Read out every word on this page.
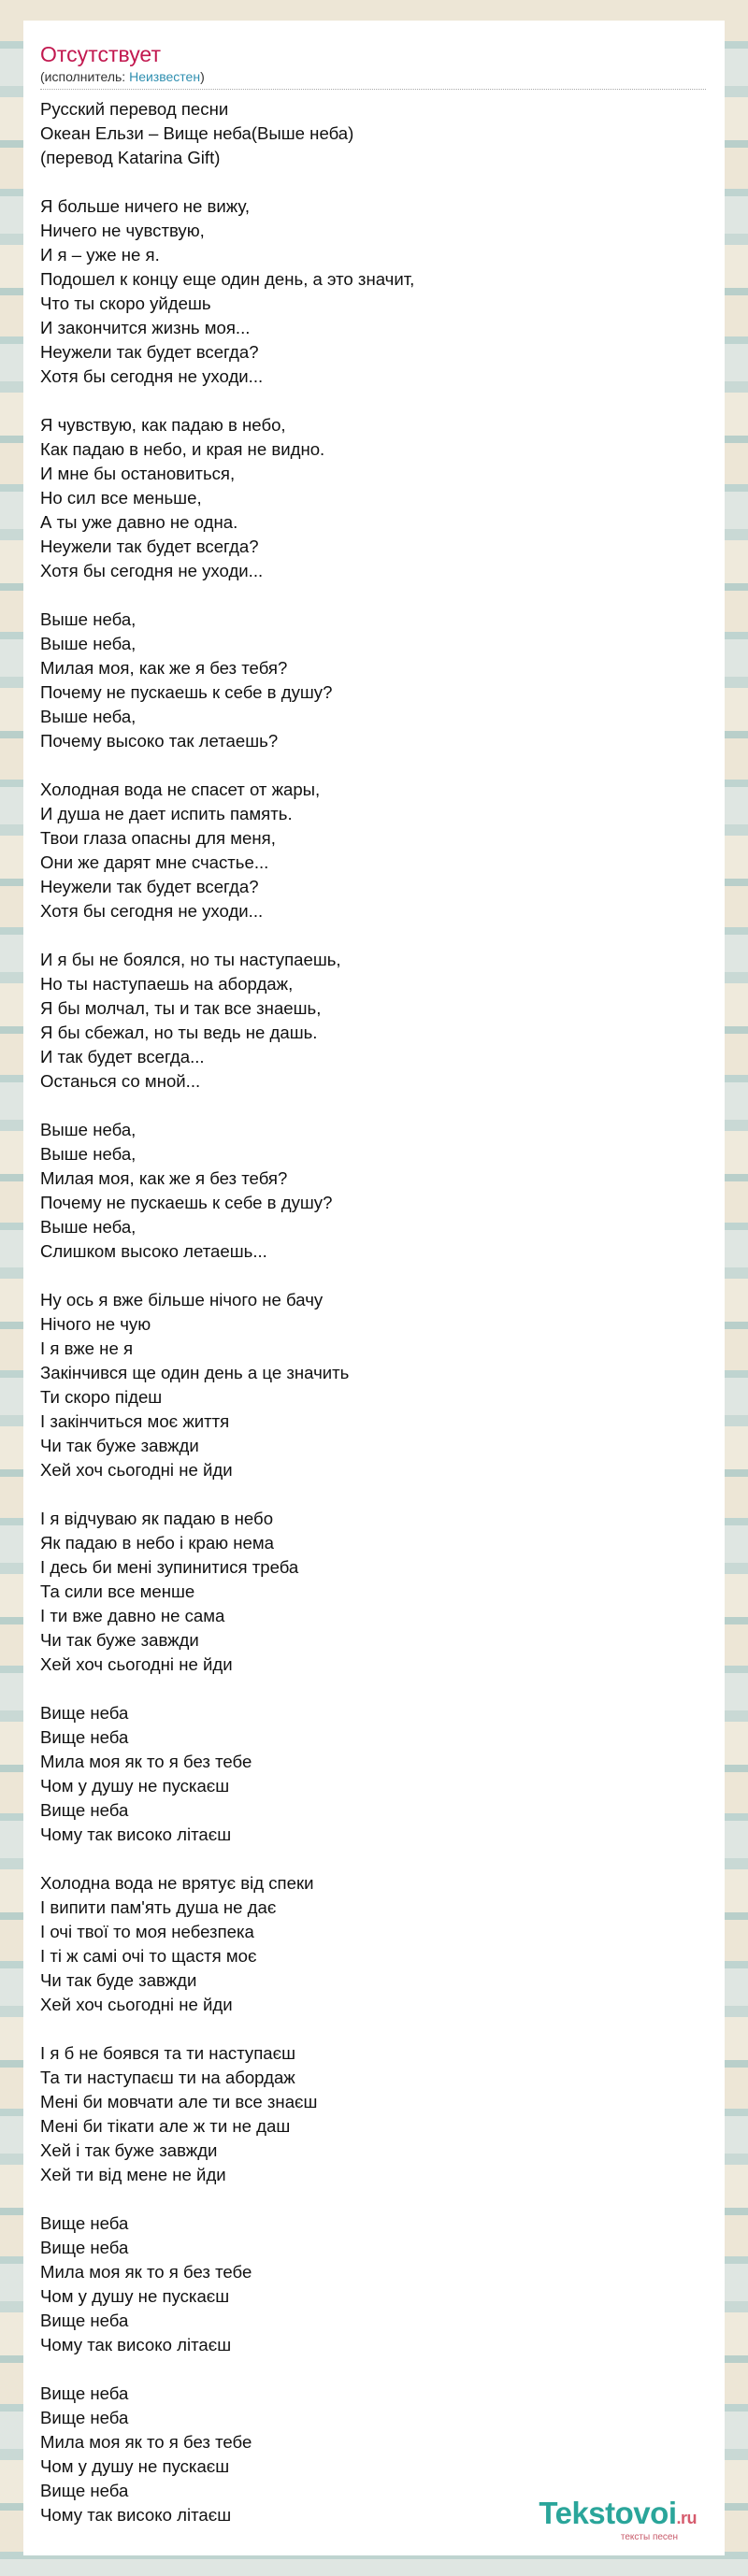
Отсутствует
(исполнитель: Неизвестен)
Русский перевод песни
Океан Ельзи – Вище неба(Выше неба)
(перевод Katarina Gift)
Я больше ничего не вижу,
Ничего не чувствую,
И я – уже не я.
Подошел к концу еще один день, а это значит,
Что ты скоро уйдешь
И закончится жизнь моя...
Неужели так будет всегда?
Хотя бы сегодня не уходи...
Я чувствую, как падаю в небо,
Как падаю в небо, и края не видно.
И мне бы остановиться,
Но сил все меньше,
А ты уже давно не одна.
Неужели так будет всегда?
Хотя бы сегодня не уходи...
Выше неба,
Выше неба,
Милая моя, как же я без тебя?
Почему не пускаешь к себе в душу?
Выше неба,
Почему высоко так летаешь?
Холодная вода не спасет от жары,
И душа не дает испить память.
Твои глаза опасны для меня,
Они же дарят мне счастье...
Неужели так будет всегда?
Хотя бы сегодня не уходи...
И я бы не боялся, но ты наступаешь,
Но ты наступаешь на абордаж,
Я бы молчал, ты и так все знаешь,
Я бы сбежал, но ты ведь не дашь.
И так будет всегда...
Останься со мной...
Выше неба,
Выше неба,
Милая моя, как же я без тебя?
Почему не пускаешь к себе в душу?
Выше неба,
Слишком высоко летаешь...
Ну ось я вже більше нічого не бачу
Нічого не чую
І я вже не я
Закінчився ще один день а це значить
Ти скоро підеш
І закінчиться моє життя
Чи так буже завжди
Хей хоч сьогодні не йди
І я відчуваю як падаю в небо
Як падаю в небо і краю нема
І десь би мені зупинитися треба
Та сили все менше
І ти вже давно не сама
Чи так буже завжди
Хей хоч сьогодні не йди
Вище неба
Вище неба
Мила моя як то я без тебе
Чом у душу не пускаєш
Вище неба
Чому так високо літаєш
Холодна вода не врятує від спеки
І випити пам'ять душа не дає
І очі твої то моя небезпека
І ті ж самі очі то щастя моє
Чи так буде завжди
Хей хоч сьогодні не йди
І я б не боявся та ти наступаєш
Та ти наступаєш ти на абордаж
Мені би мовчати але ти все знаєш
Мені би тікати але ж ти не даш
Хей і так буже завжди
Хей ти від мене не йди
Вище неба
Вище неба
Мила моя як то я без тебе
Чом у душу не пускаєш
Вище неба
Чому так високо літаєш
Вище неба
Вище неба
Мила моя як то я без тебе
Чом у душу не пускаєш
Вище неба
Чому так високо літаєш	Tekstovoi.ru
тексты песен
